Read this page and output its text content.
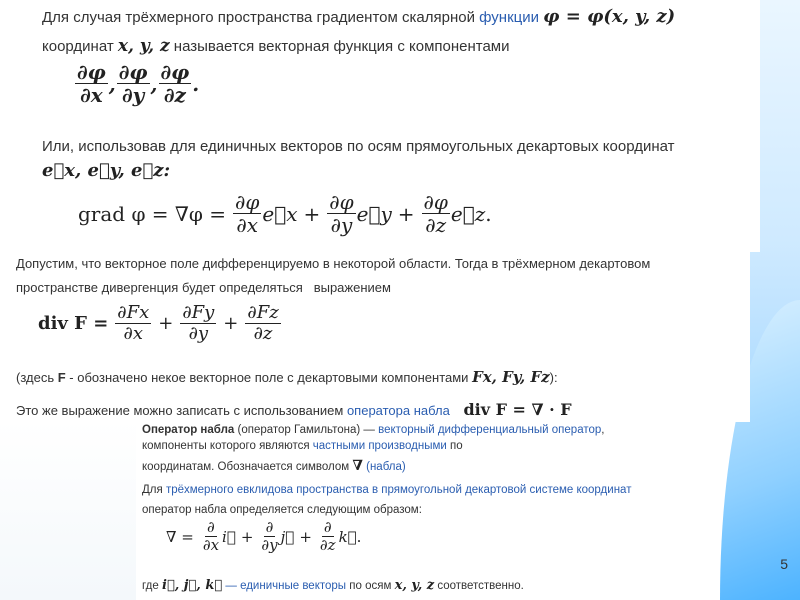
Для случая трёхмерного пространства градиентом скалярной функции φ = φ(x, y, z)
координат x, y, z называется векторная функция с компонентами
$\frac{\partial\varphi}{\partial x}$ , $\frac{\partial\varphi}{\partial y}$ , $\frac{\partial\varphi}{\partial z}$ .
Или, использовав для единичных векторов по осям прямоугольных декартовых координат
e⃗x, e⃗y, e⃗z:
grad $\varphi = \nabla\varphi = \frac{\partial\varphi}{\partial x}$ e⃗x + $\frac{\partial\varphi}{\partial y}$ e⃗y + $\frac{\partial\varphi}{\partial z}$ e⃗z .
Допустим, что векторное поле дифференцируемо в некоторой области. Тогда в трёхмерном декартовом
пространстве дивергенция будет определяться выражением
div $F = \frac{\partial Fx}{\partial x} + \frac{\partial Fy}{\partial y} + \frac{\partial Fz}{\partial z}$
(здесь F - обозначено некое векторное поле с декартовыми компонентами Fx, Fy, Fz):
Это же выражение можно записать с использованием оператора набла div F = ∇ · F
Оператор набла (оператор Гамильтона) — векторный дифференциальный оператор,
компоненты которого являются частными производными по
координатам. Обозначается символом ∇ (набла)
Для трёхмерного евклидова пространства в прямоугольной декартовой системе координат
оператор набла определяется следующим образом:
∇ = $\frac{\partial}{\partial x}$ i⃗ + $\frac{\partial}{\partial y}$ j⃗ + $\frac{\partial}{\partial z}$ k⃗ .
где i⃗, j⃗, k⃗ — единичные векторы по осям x, y, z соответственно.
5
